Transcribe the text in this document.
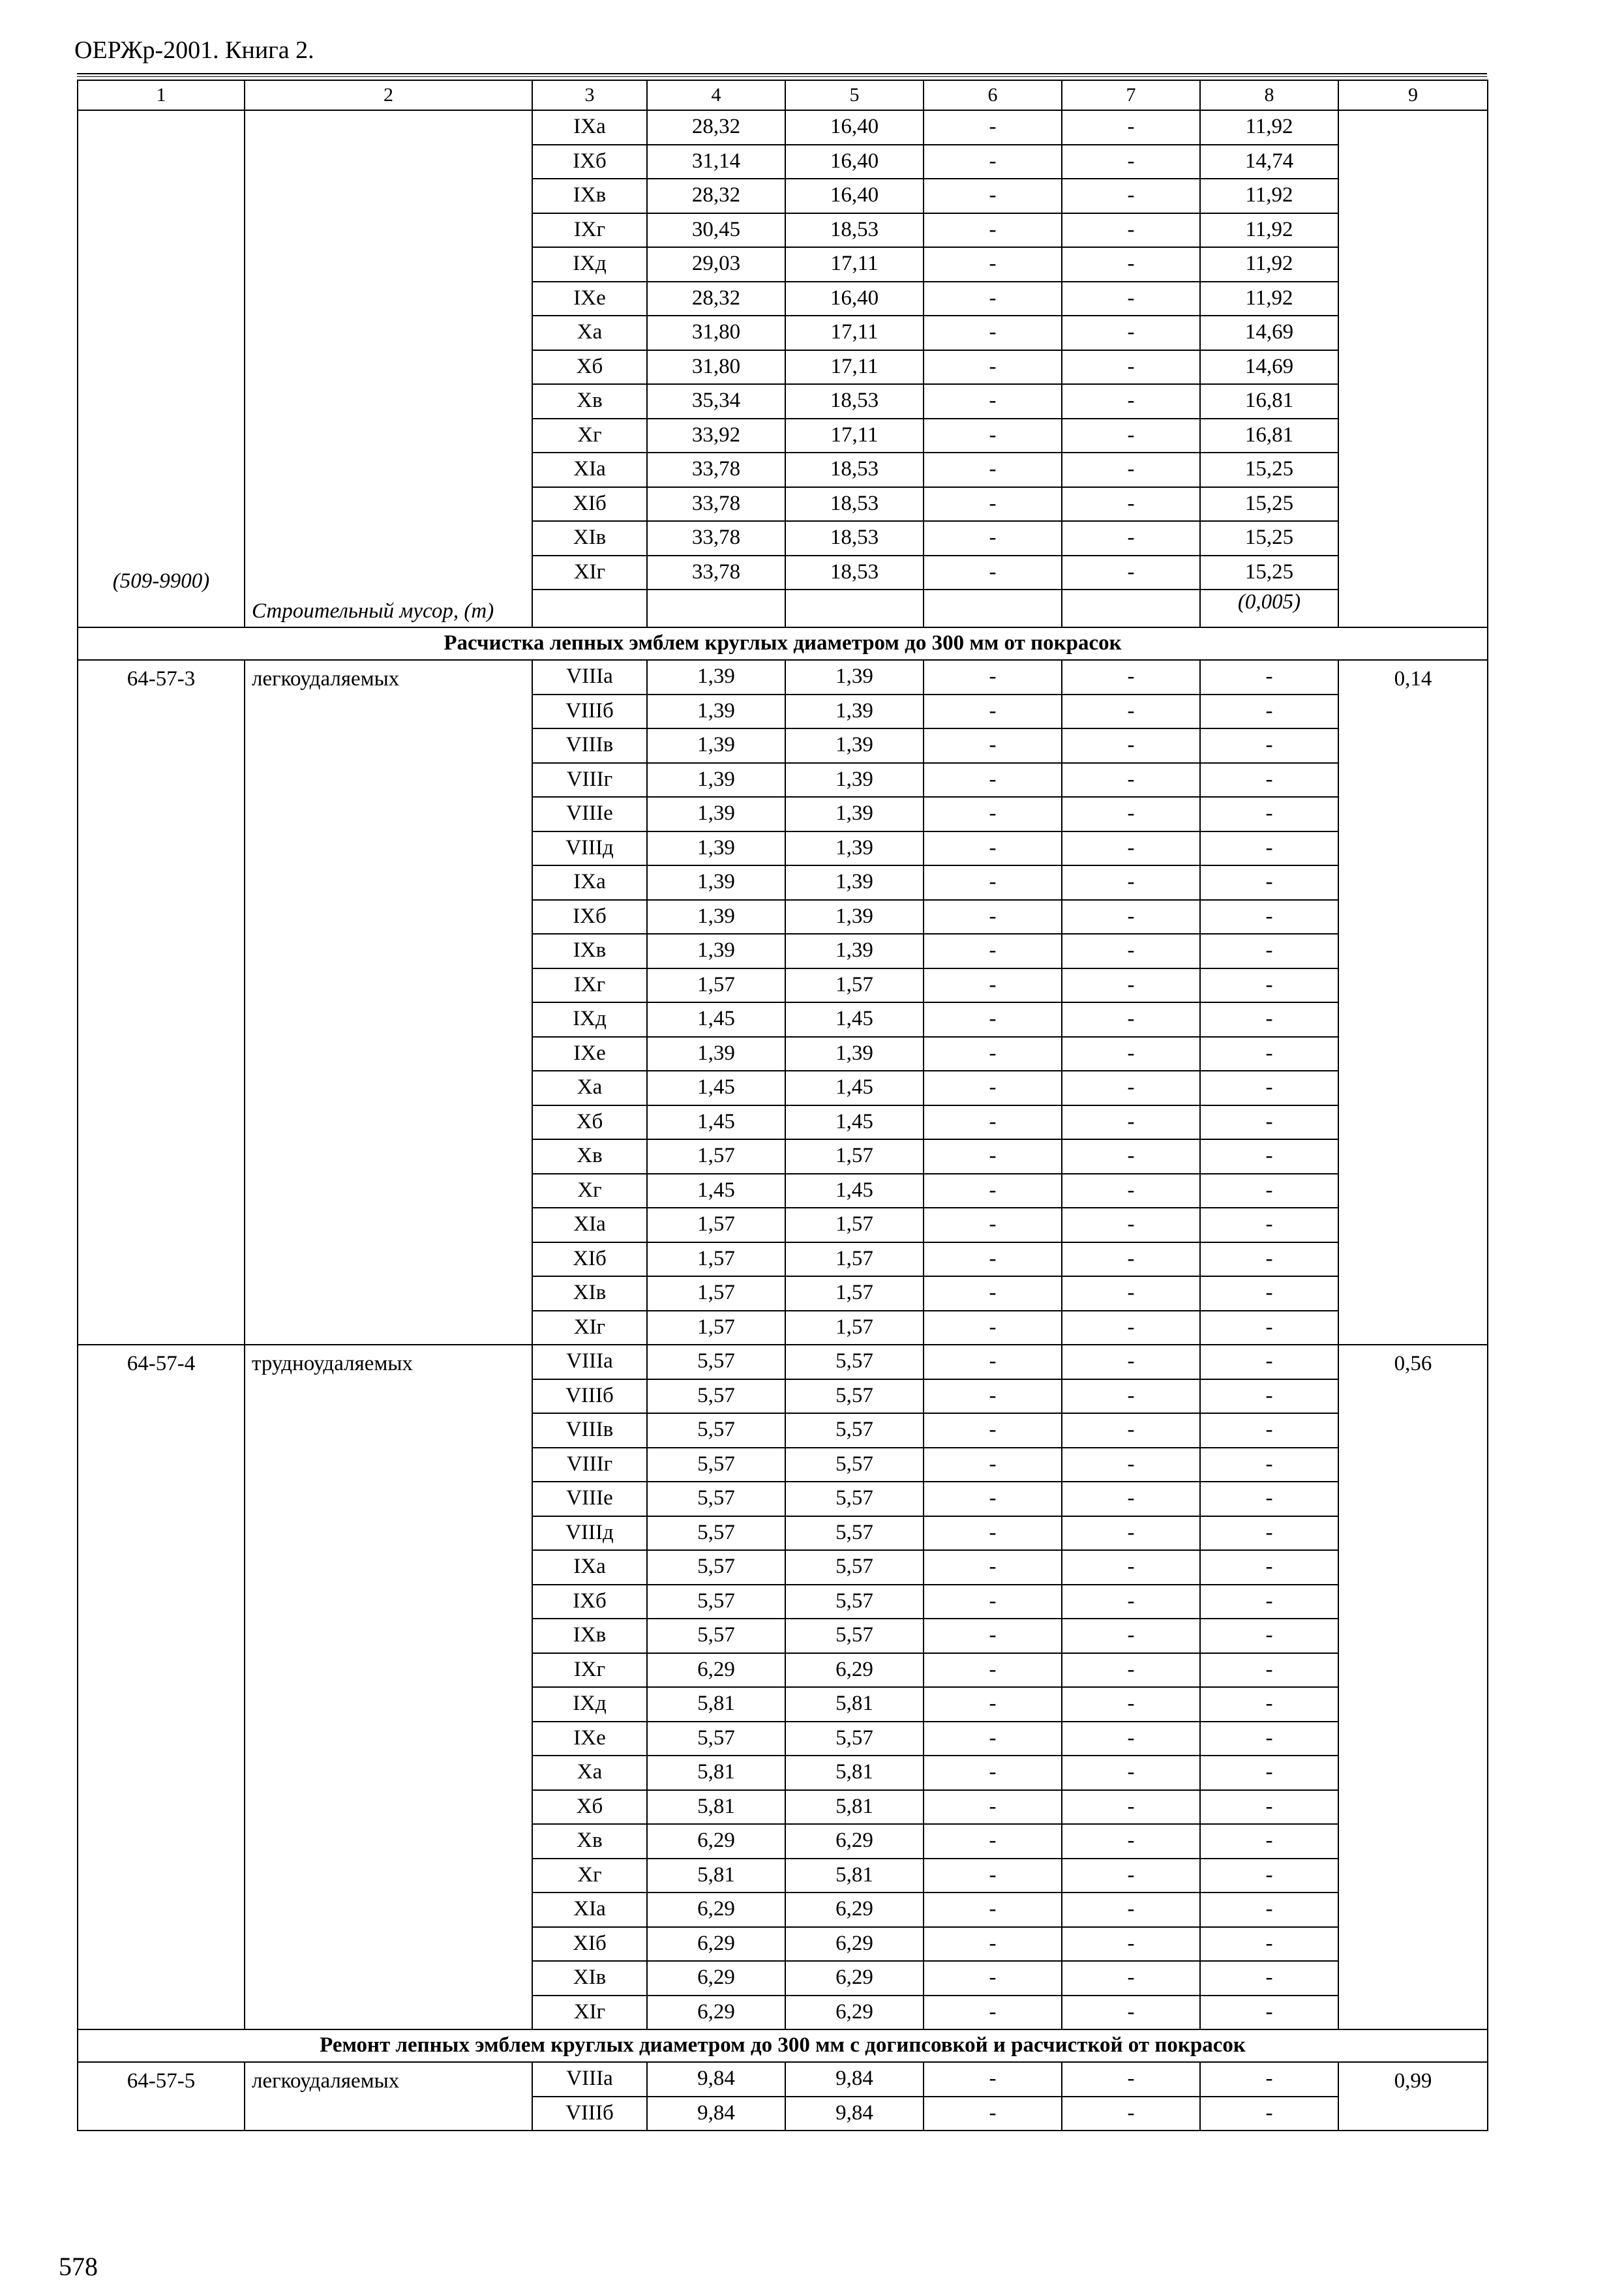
ОЕРЖр-2001. Книга 2.
1	2	3	4	5	6	7	8	9
(509-9900)	Строительный мусор, (т)	IXа	28,32	16,40	-	-	11,92	
		IXб	31,14	16,40	-	-	14,74	
		IXв	28,32	16,40	-	-	11,92	
		IXг	30,45	18,53	-	-	11,92	
		IXд	29,03	17,11	-	-	11,92	
		IXе	28,32	16,40	-	-	11,92	
		Xа	31,80	17,11	-	-	14,69	
		Xб	31,80	17,11	-	-	14,69	
		Xв	35,34	18,53	-	-	16,81	
		Xг	33,92	17,11	-	-	16,81	
		XIа	33,78	18,53	-	-	15,25	
		XIб	33,78	18,53	-	-	15,25	
		XIв	33,78	18,53	-	-	15,25	
		XIг	33,78	18,53	-	-	15,25	
							(0,005)	
Расчистка лепных эмблем круглых диаметром до 300 мм от покрасок								
64-57-3	легкоудаляемых	VIIIа	1,39	1,39	-	-	-	0,14
		VIIIб	1,39	1,39	-	-	-	
		VIIIв	1,39	1,39	-	-	-	
		VIIIг	1,39	1,39	-	-	-	
		VIIIе	1,39	1,39	-	-	-	
		VIIIд	1,39	1,39	-	-	-	
		IXа	1,39	1,39	-	-	-	
		IXб	1,39	1,39	-	-	-	
		IXв	1,39	1,39	-	-	-	
		IXг	1,57	1,57	-	-	-	
		IXд	1,45	1,45	-	-	-	
		IXе	1,39	1,39	-	-	-	
		Xа	1,45	1,45	-	-	-	
		Xб	1,45	1,45	-	-	-	
		Xв	1,57	1,57	-	-	-	
		Xг	1,45	1,45	-	-	-	
		XIа	1,57	1,57	-	-	-	
		XIб	1,57	1,57	-	-	-	
		XIв	1,57	1,57	-	-	-	
		XIг	1,57	1,57	-	-	-	
64-57-4	трудноудаляемых	VIIIа	5,57	5,57	-	-	-	0,56
		VIIIб	5,57	5,57	-	-	-	
		VIIIв	5,57	5,57	-	-	-	
		VIIIг	5,57	5,57	-	-	-	
		VIIIе	5,57	5,57	-	-	-	
		VIIIд	5,57	5,57	-	-	-	
		IXа	5,57	5,57	-	-	-	
		IXб	5,57	5,57	-	-	-	
		IXв	5,57	5,57	-	-	-	
		IXг	6,29	6,29	-	-	-	
		IXд	5,81	5,81	-	-	-	
		IXе	5,57	5,57	-	-	-	
		Xа	5,81	5,81	-	-	-	
		Xб	5,81	5,81	-	-	-	
		Xв	6,29	6,29	-	-	-	
		Xг	5,81	5,81	-	-	-	
		XIа	6,29	6,29	-	-	-	
		XIб	6,29	6,29	-	-	-	
		XIв	6,29	6,29	-	-	-	
		XIг	6,29	6,29	-	-	-	
Ремонт лепных эмблем круглых диаметром до 300 мм с догипсовкой и расчисткой от покрасок								
64-57-5	легкоудаляемых	VIIIа	9,84	9,84	-	-	-	0,99
		VIIIб	9,84	9,84	-	-	-	
578
